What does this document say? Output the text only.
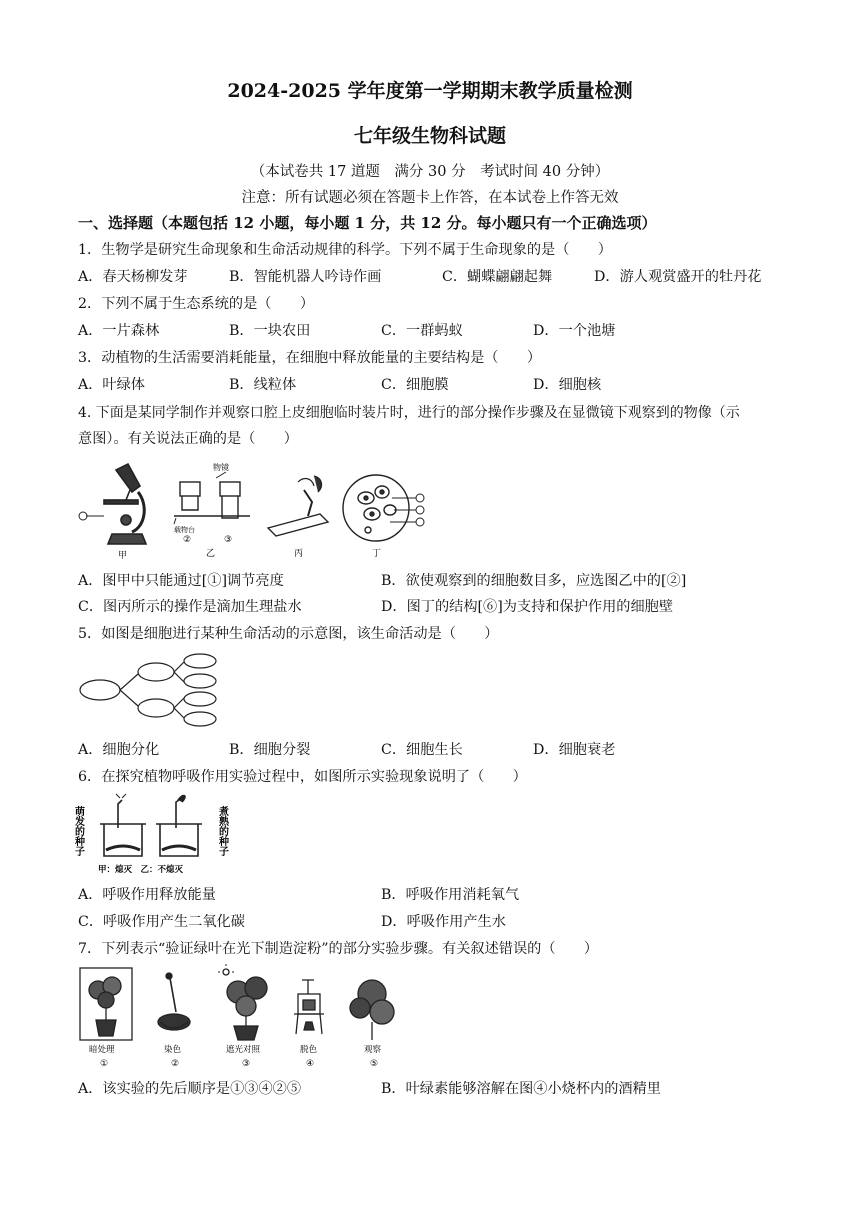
2024-2025 学年度第一学期期末教学质量检测
七年级生物科试题
（本试卷共 17 道题　满分 30 分　考试时间 40 分钟）
注意：所有试题必须在答题卡上作答，在本试卷上作答无效
一、选择题（本题包括 12 小题，每小题 1 分，共 12 分。每小题只有一个正确选项）
1．生物学是研究生命现象和生命活动规律的科学。下列不属于生命现象的是（　　）
A．春天杨柳发芽	B．智能机器人吟诗作画	C．蝴蝶翩翩起舞	D．游人观赏盛开的牡丹花
2．下列不属于生态系统的是（　　）
A．一片森林	B．一块农田	C．一群蚂蚁	D．一个池塘
3．动植物的生活需要消耗能量，在细胞中释放能量的主要结构是（　　）
A．叶绿体	B．线粒体	C．细胞膜	D．细胞核
4. 下面是某同学制作并观察口腔上皮细胞临时装片时，进行的部分操作步骤及在显微镜下观察到的物像（示
意图）。有关说法正确的是（　　）
甲
物镜
载物台
②	③
乙	丙	丁
A．图甲中只能通过[①]调节亮度	B．欲使观察到的细胞数目多，应选图乙中的[②]
C．图丙所示的操作是滴加生理盐水	D．图丁的结构[⑥]为支持和保护作用的细胞壁
5．如图是细胞进行某种生命活动的示意图，该生命活动是（　　）
A．细胞分化	B．细胞分裂	C．细胞生长	D．细胞衰老
6．在探究植物呼吸作用实验过程中，如图所示实验现象说明了（　　）
萌发的种子	煮熟的种子
甲：熄灭　乙：不熄灭
A．呼吸作用释放能量	B．呼吸作用消耗氧气
C．呼吸作用产生二氧化碳	D．呼吸作用产生水
7．下列表示“验证绿叶在光下制造淀粉”的部分实验步骤。有关叙述错误的（　　）
暗处理
①
染色
②
遮光对照
③
脱色
④
观察
⑤
A．该实验的先后顺序是①③④②⑤	B．叶绿素能够溶解在图④小烧杯内的酒精里
